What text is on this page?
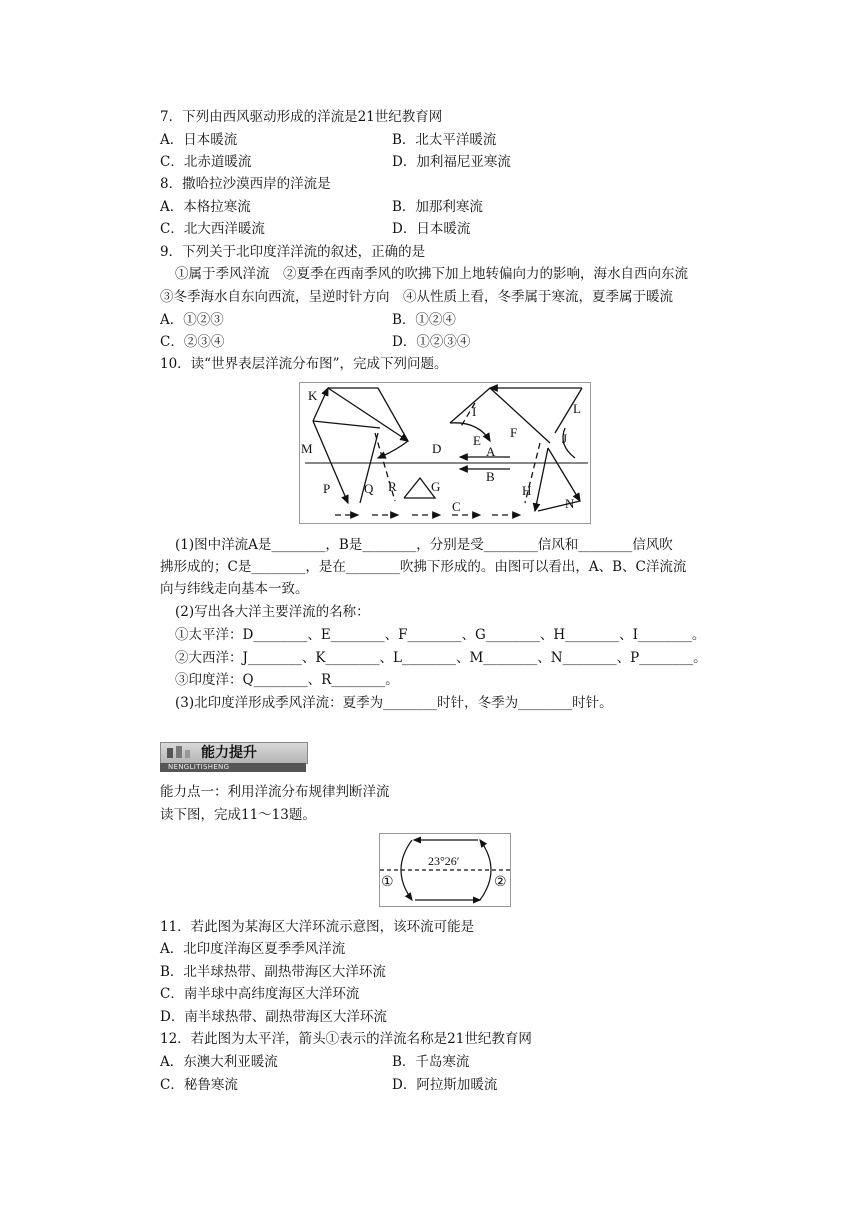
7．下列由西风驱动形成的洋流是21世纪教育网
A．日本暖流	B．北太平洋暖流
C．北赤道暖流	D．加利福尼亚寒流
8．撒哈拉沙漠西岸的洋流是
A．本格拉寒流	B．加那利寒流
C．北大西洋暖流	D．日本暖流
9．下列关于北印度洋洋流的叙述，正确的是
①属于季风洋流　②夏季在西南季风的吹拂下加上地转偏向力的影响，海水自西向东流
③冬季海水自东向西流，呈逆时针方向　④从性质上看，冬季属于寒流，夏季属于暖流
A．①②③	B．①②④
C．②③④	D．①②③④
10．读“世界表层洋流分布图”，完成下列问题。
K
L
M
I
E
F	J
D	A
B
P	Q R	G	H
C	N
(1)图中洋流A是________，B是________，分别是受________信风和________信风吹
拂形成的；C是________，是在________吹拂下形成的。由图可以看出，A、B、C洋流流
向与纬线走向基本一致。
(2)写出各大洋主要洋流的名称：
①太平洋：D________、E________、F________、G________、H________、I________。
②大西洋：J________、K________、L________、M________、N________、P________。
③印度洋：Q________、R________。
(3)北印度洋形成季风洋流：夏季为________时针，冬季为________时针。
能力提升
NENGLITISHENG
能力点一：利用洋流分布规律判断洋流
读下图，完成11～13题。
23°26′
①	②
11．若此图为某海区大洋环流示意图，该环流可能是
A．北印度洋海区夏季季风洋流
B．北半球热带、副热带海区大洋环流
C．南半球中高纬度海区大洋环流
D．南半球热带、副热带海区大洋环流
12．若此图为太平洋，箭头①表示的洋流名称是21世纪教育网
A．东澳大利亚暖流	B．千岛寒流
C．秘鲁寒流	D．阿拉斯加暖流
